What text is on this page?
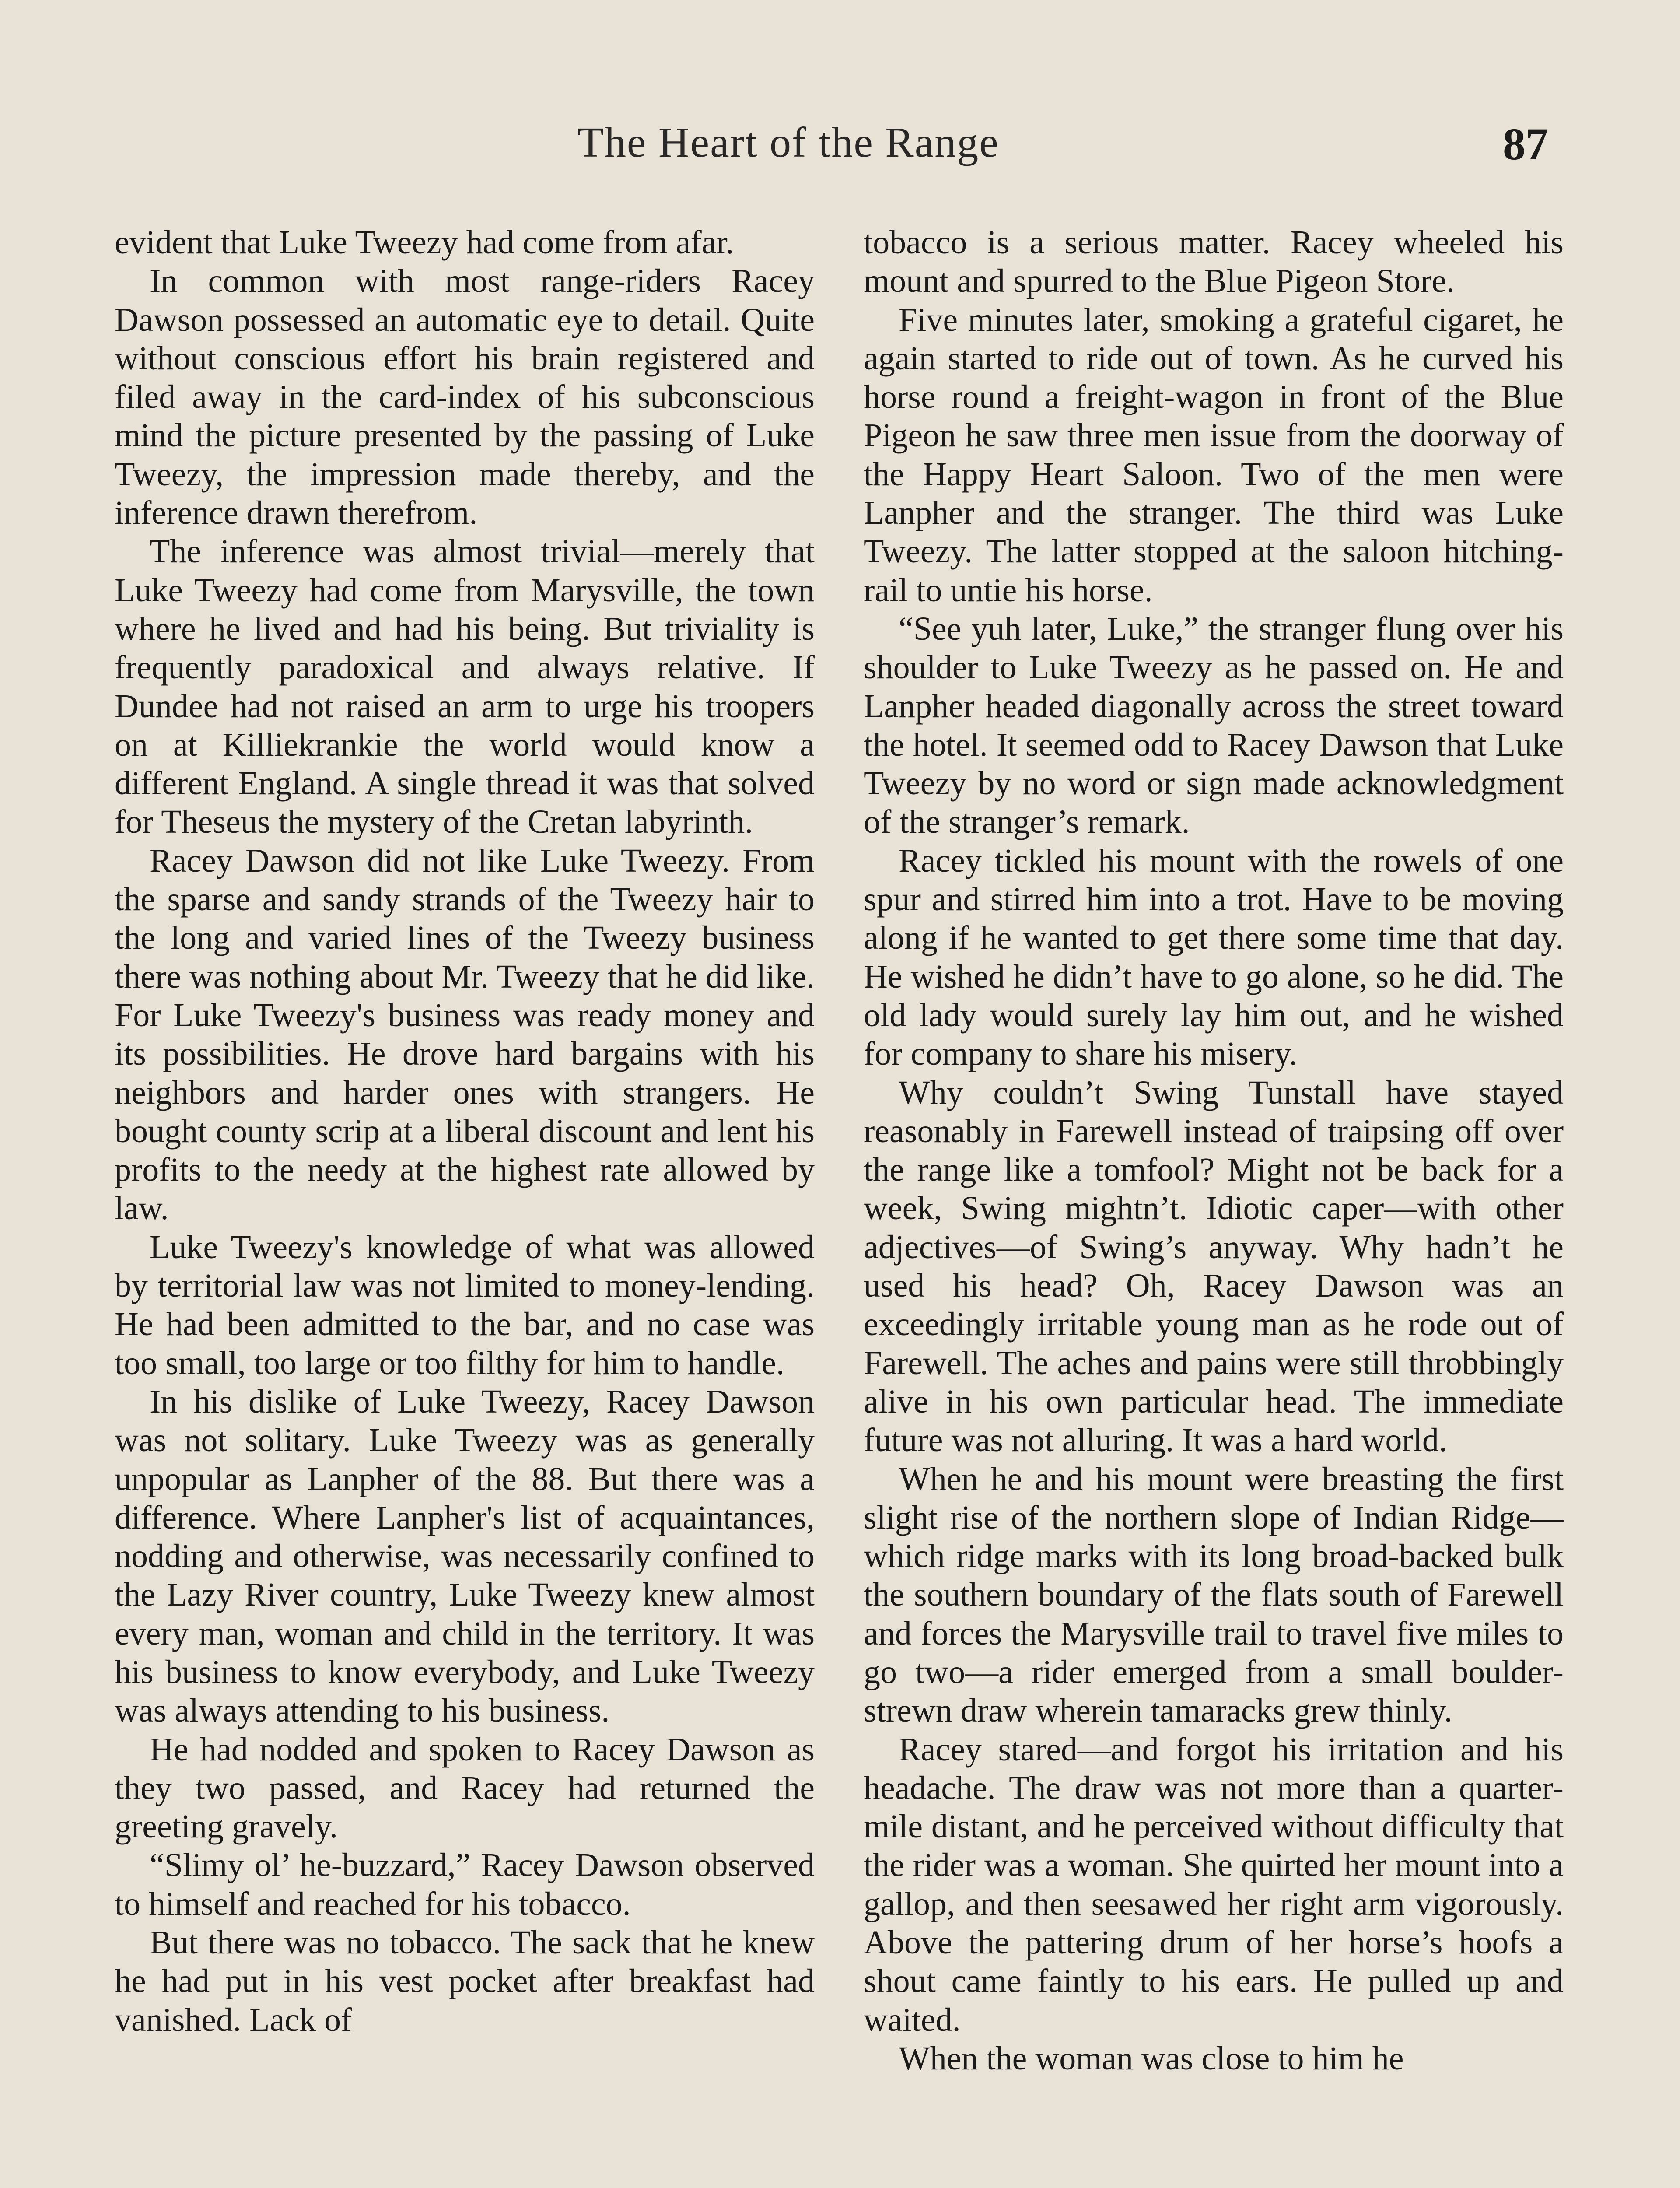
The Heart of the Range	87

evident that Luke Tweezy had come from afar.

In common with most range-riders Racey Dawson possessed an automatic eye to detail. Quite without conscious effort his brain registered and filed away in the card-index of his subconscious mind the picture presented by the passing of Luke Tweezy, the impression made thereby, and the inference drawn therefrom.

The inference was almost trivial—merely that Luke Tweezy had come from Marysville, the town where he lived and had his being. But triviality is frequently paradoxical and always relative. If Dundee had not raised an arm to urge his troopers on at Killiekrankie the world would know a different England. A single thread it was that solved for Theseus the mystery of the Cretan labyrinth.

Racey Dawson did not like Luke Tweezy. From the sparse and sandy strands of the Tweezy hair to the long and varied lines of the Tweezy business there was nothing about Mr. Tweezy that he did like. For Luke Tweezy's business was ready money and its possibilities. He drove hard bargains with his neighbors and harder ones with strangers. He bought county scrip at a liberal discount and lent his profits to the needy at the highest rate allowed by law.

Luke Tweezy's knowledge of what was allowed by territorial law was not limited to money-lending. He had been admitted to the bar, and no case was too small, too large or too filthy for him to handle.

In his dislike of Luke Tweezy, Racey Dawson was not solitary. Luke Tweezy was as generally unpopular as Lanpher of the 88. But there was a difference. Where Lanpher's list of acquaintances, nodding and otherwise, was necessarily confined to the Lazy River country, Luke Tweezy knew almost every man, woman and child in the territory. It was his business to know everybody, and Luke Tweezy was always attending to his business.

He had nodded and spoken to Racey Dawson as they two passed, and Racey had returned the greeting gravely.

“Slimy ol’ he-buzzard,” Racey Dawson observed to himself and reached for his tobacco.

But there was no tobacco. The sack that he knew he had put in his vest pocket after breakfast had vanished. Lack of

tobacco is a serious matter. Racey wheeled his mount and spurred to the Blue Pigeon Store.

Five minutes later, smoking a grateful cigaret, he again started to ride out of town. As he curved his horse round a freight-wagon in front of the Blue Pigeon he saw three men issue from the doorway of the Happy Heart Saloon. Two of the men were Lanpher and the stranger. The third was Luke Tweezy. The latter stopped at the saloon hitching-rail to untie his horse.

“See yuh later, Luke,” the stranger flung over his shoulder to Luke Tweezy as he passed on. He and Lanpher headed diagonally across the street toward the hotel. It seemed odd to Racey Dawson that Luke Tweezy by no word or sign made acknowledgment of the stranger’s remark.

Racey tickled his mount with the rowels of one spur and stirred him into a trot. Have to be moving along if he wanted to get there some time that day. He wished he didn’t have to go alone, so he did. The old lady would surely lay him out, and he wished for company to share his misery.

Why couldn’t Swing Tunstall have stayed reasonably in Farewell instead of traipsing off over the range like a tomfool? Might not be back for a week, Swing mightn’t. Idiotic caper—with other adjectives—of Swing’s anyway. Why hadn’t he used his head? Oh, Racey Dawson was an exceedingly irritable young man as he rode out of Farewell. The aches and pains were still throbbingly alive in his own particular head. The immediate future was not alluring. It was a hard world.

When he and his mount were breasting the first slight rise of the northern slope of Indian Ridge—which ridge marks with its long broad-backed bulk the southern boundary of the flats south of Farewell and forces the Marysville trail to travel five miles to go two—a rider emerged from a small boulder-strewn draw wherein tamaracks grew thinly.

Racey stared—and forgot his irritation and his headache. The draw was not more than a quarter-mile distant, and he perceived without difficulty that the rider was a woman. She quirted her mount into a gallop, and then seesawed her right arm vigorously. Above the pattering drum of her horse’s hoofs a shout came faintly to his ears. He pulled up and waited.

When the woman was close to him he
